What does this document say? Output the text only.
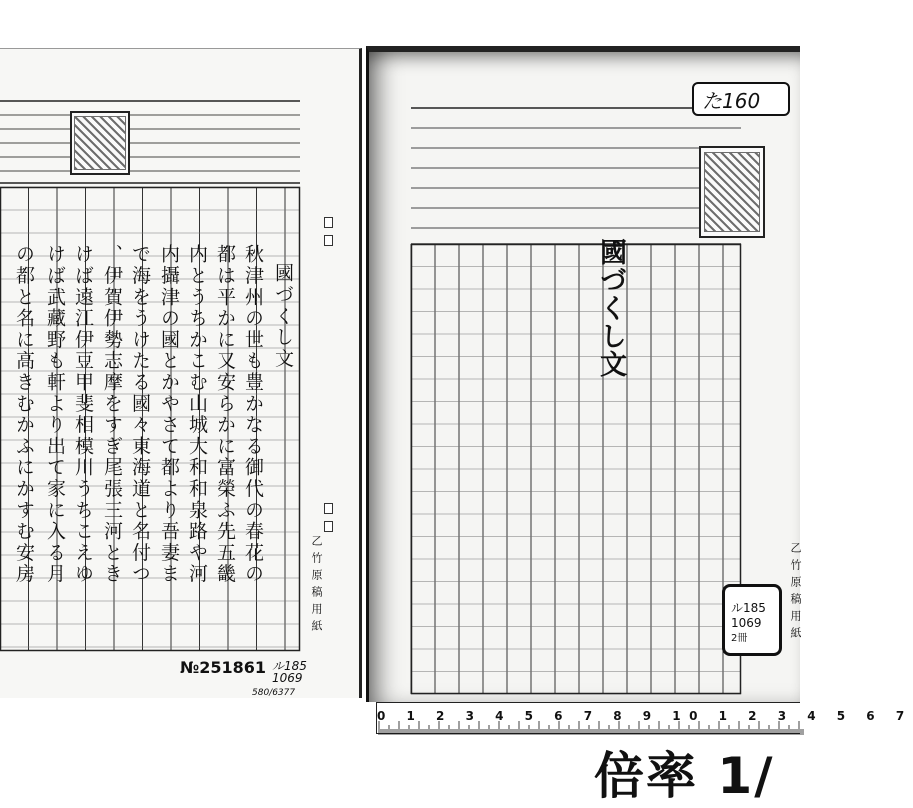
國づくし文
秋津州の世も豊かなる御代の春花の
都は平かに又安らかに富榮ふ先五畿
内とうちかこむ山城大和和泉路や河
内攝津の國とかやさて都より吾妻ま
で海をうけたる國々東海道と名付つ
、伊賀伊勢志摩をすぎ尾張三河とき
けば遠江伊豆甲斐相模川うちこえゆ
けば武藏野も軒より出て家に入る月
の都と名に高きむかふにかすむ安房
乙竹原稿用紙
№251861 ル185 1069
580/6377
國づくし文
乙竹原稿用紙
た160
ル185
1069
2冊
0 1 2 3 4 5 6 7 8 9 10 1 2 3 4 5 6 7
倍率 1/
